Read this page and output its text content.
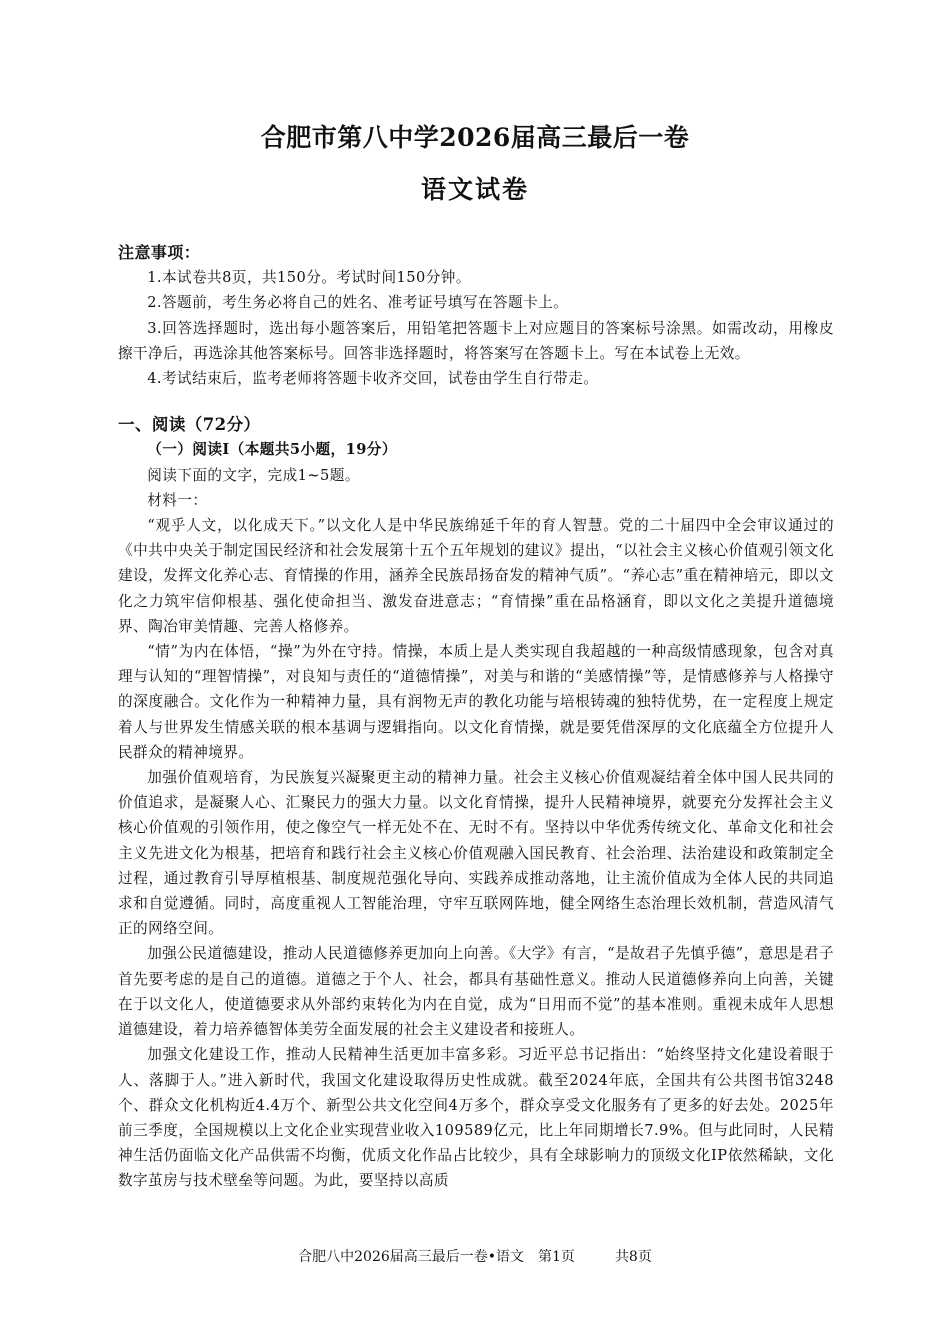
合肥市第八中学2026届高三最后一卷
语文试卷

注意事项：

1.本试卷共8页，共150分。考试时间150分钟。

2.答题前，考生务必将自己的姓名、准考证号填写在答题卡上。

3.回答选择题时，选出每小题答案后，用铅笔把答题卡上对应题目的答案标号涂黑。如需改动，用橡皮擦干净后，再选涂其他答案标号。回答非选择题时，将答案写在答题卡上。写在本试卷上无效。

4.考试结束后，监考老师将答题卡收齐交回，试卷由学生自行带走。

一、阅读（72分）

（一）阅读Ⅰ（本题共5小题，19分）

阅读下面的文字，完成1~5题。

材料一：

“观乎人文，以化成天下。”以文化人是中华民族绵延千年的育人智慧。党的二十届四中全会审议通过的《中共中央关于制定国民经济和社会发展第十五个五年规划的建议》提出，“以社会主义核心价值观引领文化建设，发挥文化养心志、育情操的作用，涵养全民族昂扬奋发的精神气质”。“养心志”重在精神培元，即以文化之力筑牢信仰根基、强化使命担当、激发奋进意志；“育情操”重在品格涵育，即以文化之美提升道德境界、陶冶审美情趣、完善人格修养。

“情”为内在体悟，“操”为外在守持。情操，本质上是人类实现自我超越的一种高级情感现象，包含对真理与认知的“理智情操”，对良知与责任的“道德情操”，对美与和谐的“美感情操”等，是情感修养与人格操守的深度融合。文化作为一种精神力量，具有润物无声的教化功能与培根铸魂的独特优势，在一定程度上规定着人与世界发生情感关联的根本基调与逻辑指向。以文化育情操，就是要凭借深厚的文化底蕴全方位提升人民群众的精神境界。

加强价值观培育，为民族复兴凝聚更主动的精神力量。社会主义核心价值观凝结着全体中国人民共同的价值追求，是凝聚人心、汇聚民力的强大力量。以文化育情操，提升人民精神境界，就要充分发挥社会主义核心价值观的引领作用，使之像空气一样无处不在、无时不有。坚持以中华优秀传统文化、革命文化和社会主义先进文化为根基，把培育和践行社会主义核心价值观融入国民教育、社会治理、法治建设和政策制定全过程，通过教育引导厚植根基、制度规范强化导向、实践养成推动落地，让主流价值成为全体人民的共同追求和自觉遵循。同时，高度重视人工智能治理，守牢互联网阵地，健全网络生态治理长效机制，营造风清气正的网络空间。

加强公民道德建设，推动人民道德修养更加向上向善。《大学》有言，“是故君子先慎乎德”，意思是君子首先要考虑的是自己的道德。道德之于个人、社会，都具有基础性意义。推动人民道德修养向上向善，关键在于以文化人，使道德要求从外部约束转化为内在自觉，成为“日用而不觉”的基本准则。重视未成年人思想道德建设，着力培养德智体美劳全面发展的社会主义建设者和接班人。

加强文化建设工作，推动人民精神生活更加丰富多彩。习近平总书记指出：“始终坚持文化建设着眼于人、落脚于人。”进入新时代，我国文化建设取得历史性成就。截至2024年底，全国共有公共图书馆3248个、群众文化机构近4.4万个、新型公共文化空间4万多个，群众享受文化服务有了更多的好去处。2025年前三季度，全国规模以上文化企业实现营业收入109589亿元，比上年同期增长7.9%。但与此同时，人民精神生活仍面临文化产品供需不均衡，优质文化作品占比较少，具有全球影响力的顶级文化IP依然稀缺，文化数字茧房与技术壁垒等问题。为此，要坚持以高质

合肥八中2026届高三最后一卷•语文　第1页	共8页
